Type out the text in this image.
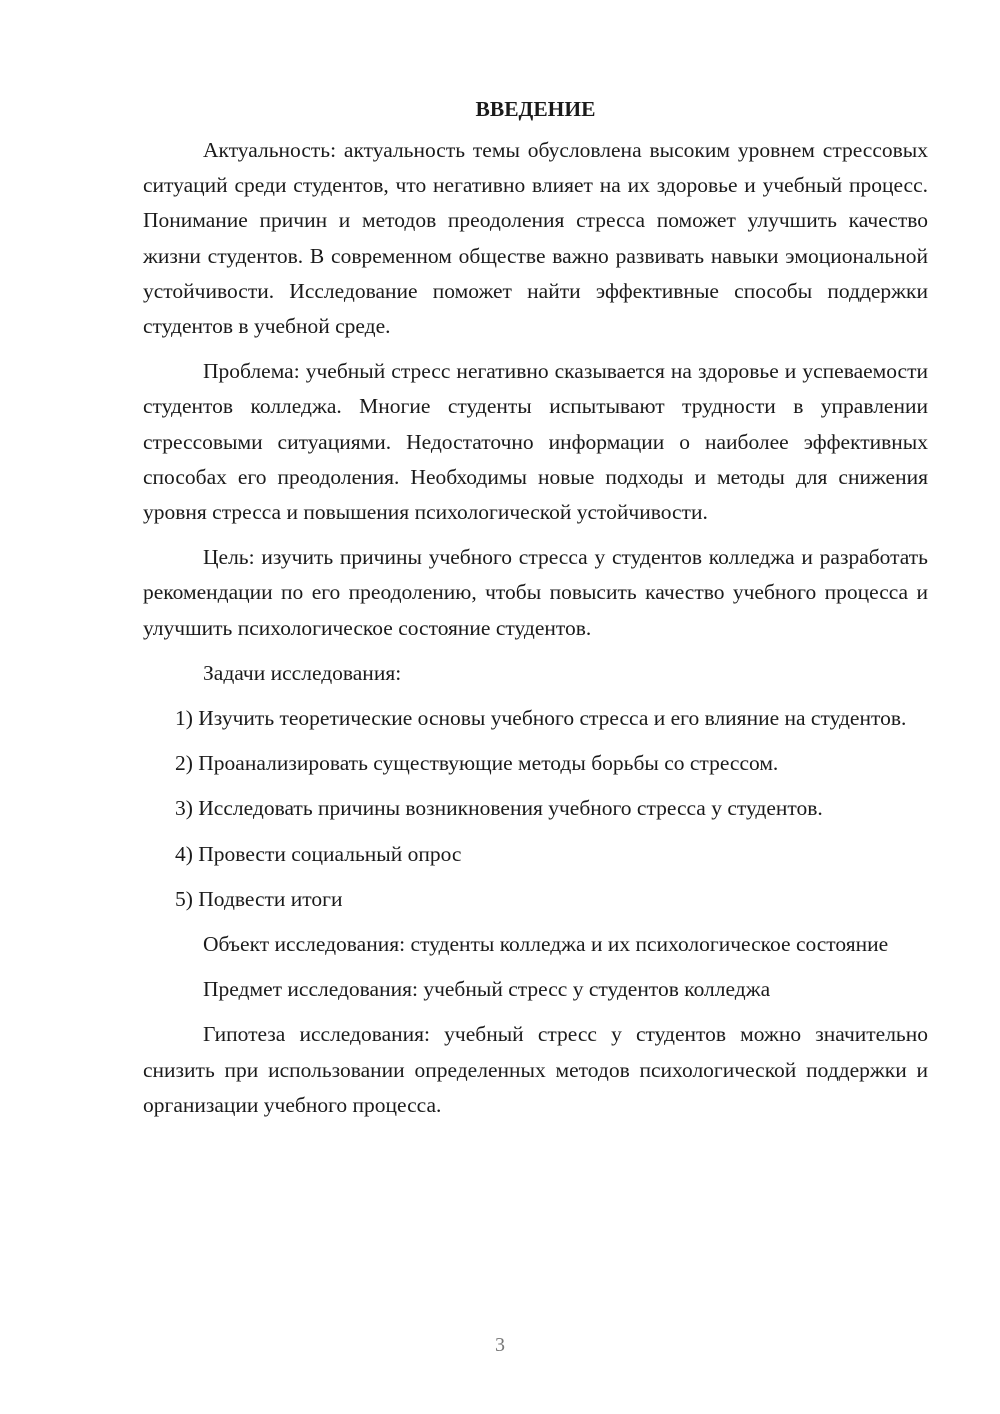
ВВЕДЕНИЕ

Актуальность: актуальность темы обусловлена высоким уровнем стрессовых ситуаций среди студентов, что негативно влияет на их здоровье и учебный процесс. Понимание причин и методов преодоления стресса поможет улучшить качество жизни студентов. В современном обществе важно развивать навыки эмоциональной устойчивости. Исследование поможет найти эффективные способы поддержки студентов в учебной среде.

Проблема: учебный стресс негативно сказывается на здоровье и успеваемости студентов колледжа. Многие студенты испытывают трудности в управлении стрессовыми ситуациями. Недостаточно информации о наиболее эффективных способах его преодоления. Необходимы новые подходы и методы для снижения уровня стресса и повышения психологической устойчивости.

Цель: изучить причины учебного стресса у студентов колледжа и разработать рекомендации по его преодолению, чтобы повысить качество учебного процесса и улучшить психологическое состояние студентов.

Задачи исследования:

1) Изучить теоретические основы учебного стресса и его влияние на студентов.

2) Проанализировать существующие методы борьбы со стрессом.

3) Исследовать причины возникновения учебного стресса у студентов.

4) Провести социальный опрос

5) Подвести итоги

Объект исследования: студенты колледжа и их психологическое состояние

Предмет исследования: учебный стресс у студентов колледжа

Гипотеза исследования: учебный стресс у студентов можно значительно снизить при использовании определенных методов психологической поддержки и организации учебного процесса.

3
